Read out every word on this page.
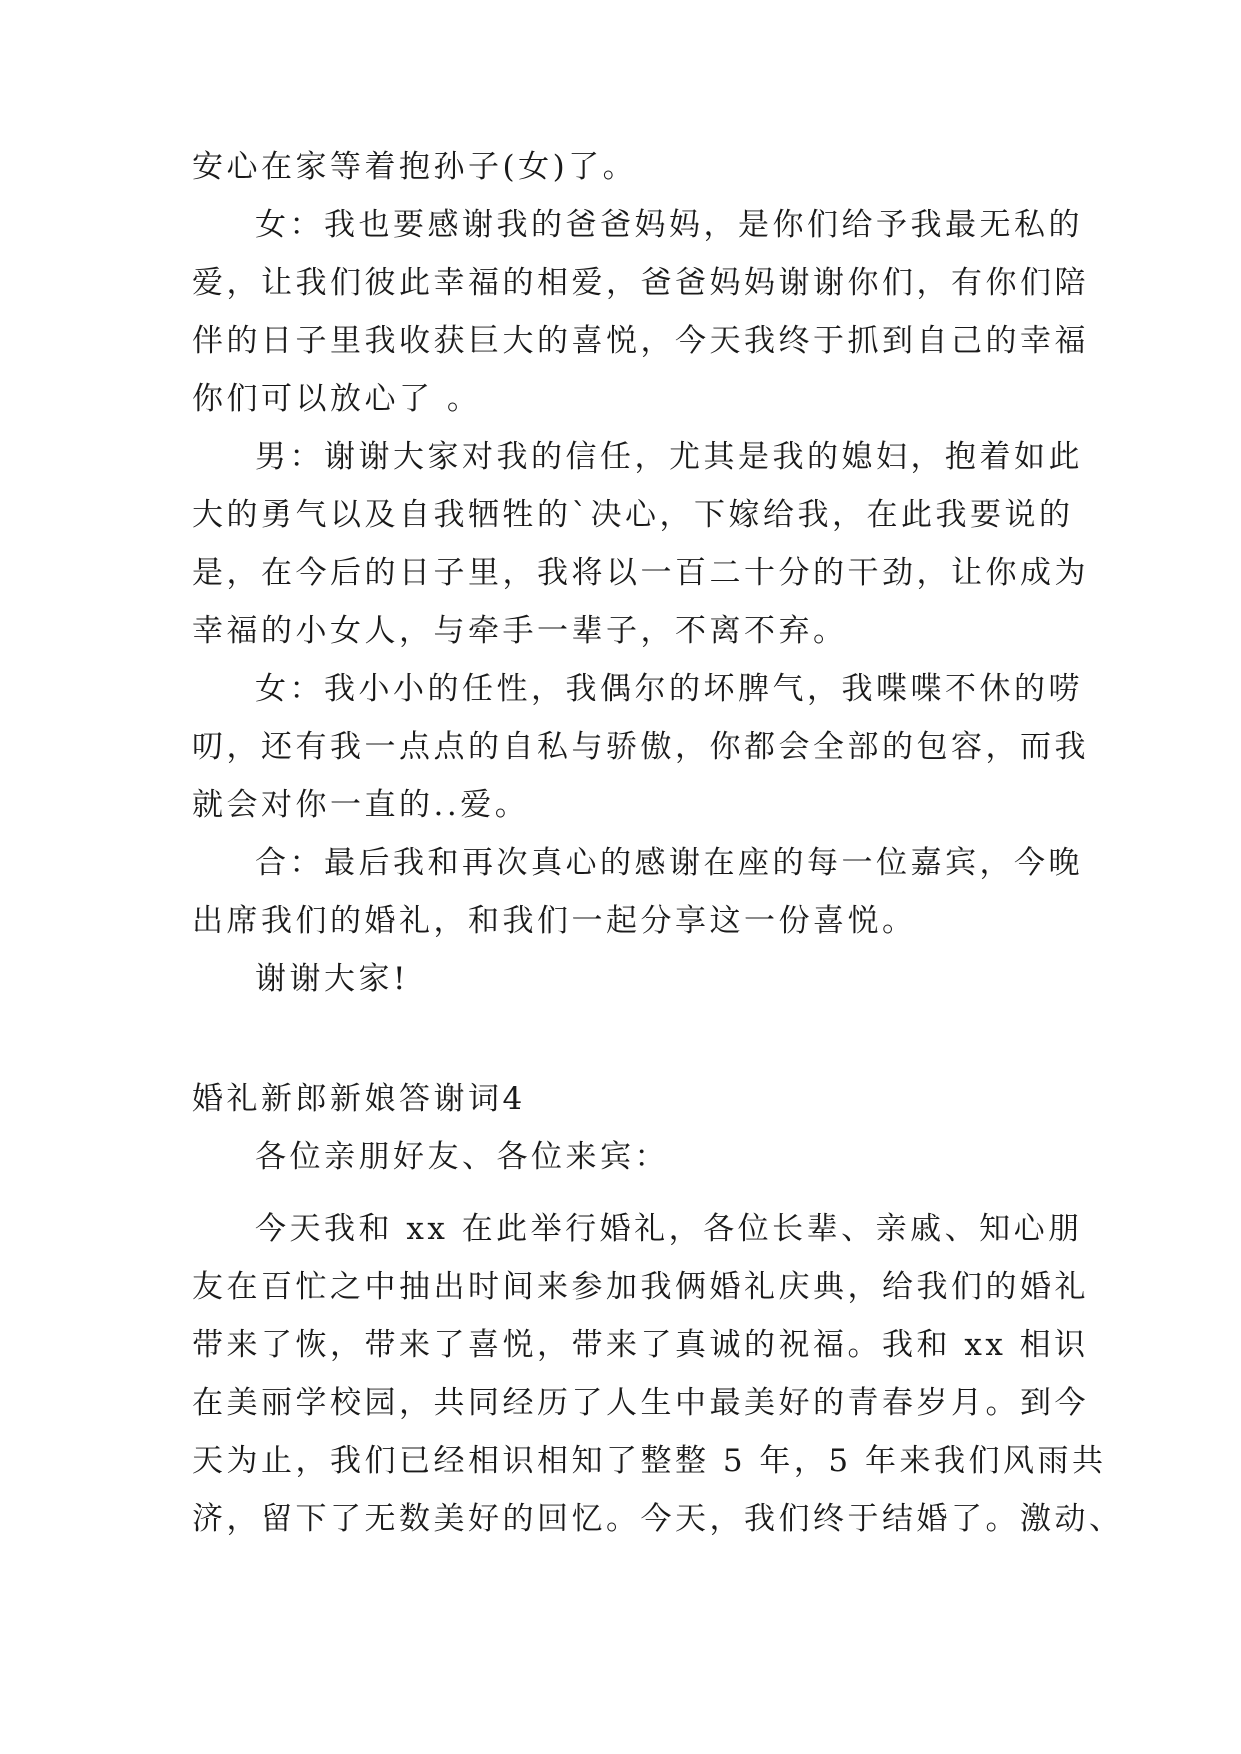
安心在家等着抱孙子(女)了。
女：我也要感谢我的爸爸妈妈，是你们给予我最无私的
爱，让我们彼此幸福的相爱，爸爸妈妈谢谢你们，有你们陪
伴的日子里我收获巨大的喜悦，今天我终于抓到自己的幸福
你们可以放心了 。
男：谢谢大家对我的信任，尤其是我的媳妇，抱着如此
大的勇气以及自我牺牲的`决心，下嫁给我，在此我要说的
是，在今后的日子里，我将以一百二十分的干劲，让你成为
幸福的小女人，与牵手一辈子，不离不弃。
女：我小小的任性，我偶尔的坏脾气，我喋喋不休的唠
叨，还有我一点点的自私与骄傲，你都会全部的包容，而我
就会对你一直的..爱。
合：最后我和再次真心的感谢在座的每一位嘉宾，今晚
出席我们的婚礼，和我们一起分享这一份喜悦。
谢谢大家!
婚礼新郎新娘答谢词4
各位亲朋好友、各位来宾：
今天我和 xx 在此举行婚礼，各位长辈、亲戚、知心朋
友在百忙之中抽出时间来参加我俩婚礼庆典，给我们的婚礼
带来了恢，带来了喜悦，带来了真诚的祝福。我和 xx 相识
在美丽学校园，共同经历了人生中最美好的青春岁月。到今
天为止，我们已经相识相知了整整 5 年，5 年来我们风雨共
济，留下了无数美好的回忆。今天，我们终于结婚了。激动、
